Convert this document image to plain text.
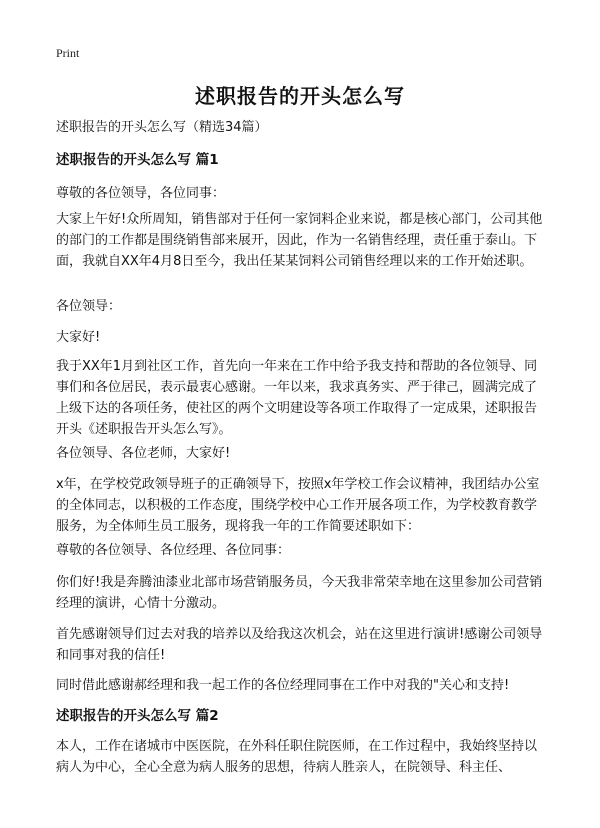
Print
述职报告的开头怎么写

述职报告的开头怎么写（精选34篇）

述职报告的开头怎么写 篇1

尊敬的各位领导，各位同事：

大家上午好!众所周知，销售部对于任何一家饲料企业来说，都是核心部门，公司其他的部门的工作都是围绕销售部来展开，因此，作为一名销售经理，责任重于泰山。下面，我就自XX年4月8日至今，我出任某某饲料公司销售经理以来的工作开始述职。

各位领导：

大家好!

我于XX年1月到社区工作，首先向一年来在工作中给予我支持和帮助的各位领导、同事们和各位居民，表示最衷心感谢。一年以来，我求真务实、严于律己，圆满完成了上级下达的各项任务，使社区的两个文明建设等各项工作取得了一定成果，述职报告开头《述职报告开头怎么写》。

各位领导、各位老师，大家好!

x年，在学校党政领导班子的正确领导下，按照x年学校工作会议精神，我团结办公室的全体同志，以积极的工作态度，围绕学校中心工作开展各项工作，为学校教育教学服务，为全体师生员工服务，现将我一年的工作简要述职如下：

尊敬的各位领导、各位经理、各位同事：

你们好!我是奔腾油漆业北部市场营销服务员，今天我非常荣幸地在这里参加公司营销经理的演讲，心情十分激动。

首先感谢领导们过去对我的培养以及给我这次机会，站在这里进行演讲!感谢公司领导和同事对我的信任!

同时借此感谢郝经理和我一起工作的各位经理同事在工作中对我的"关心和支持!

述职报告的开头怎么写 篇2

本人，工作在诸城市中医医院，在外科任职住院医师，在工作过程中，我始终坚持以病人为中心，全心全意为病人服务的思想，待病人胜亲人，在院领导、科主任、
